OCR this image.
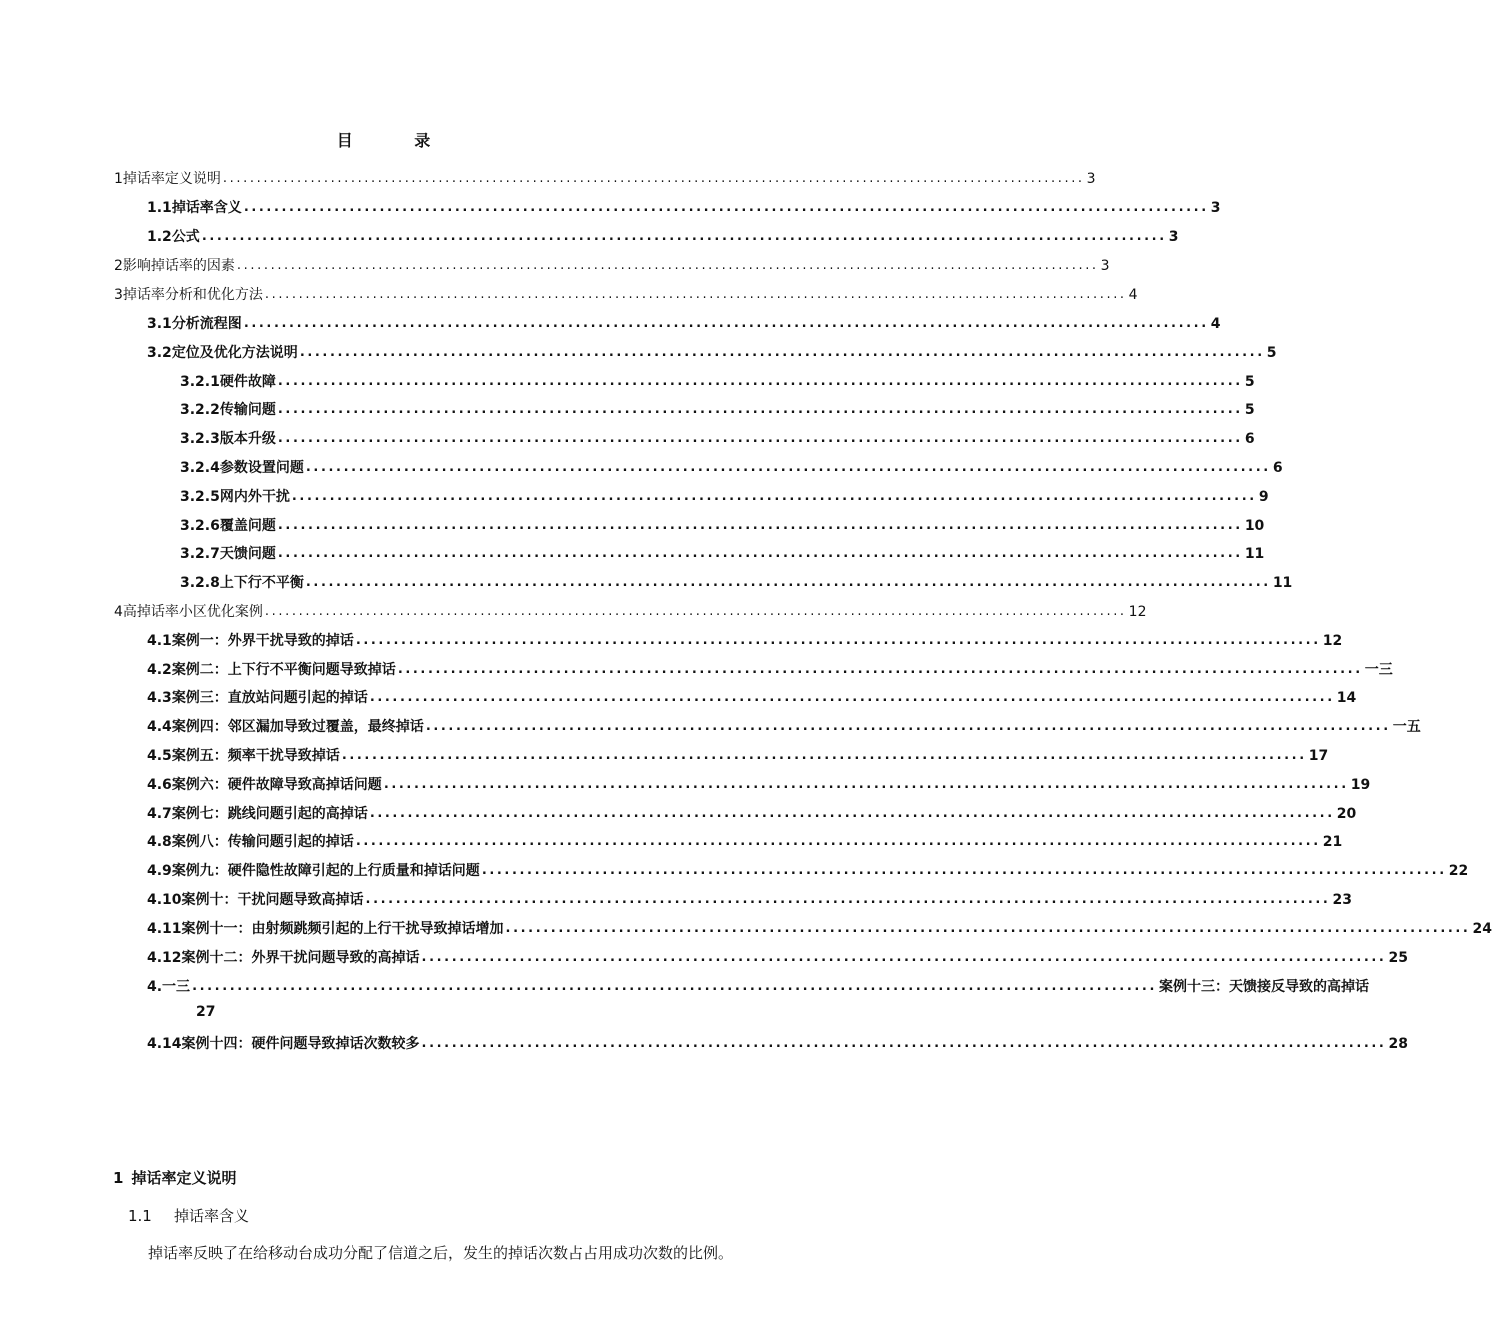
目 录
1 掉话率定义说明 ................................................................................................................................ 3
1.1 掉话率含义 ................................................................................................................................ 3
1.2 公式 ................................................................................................................................ 3
2 影响掉话率的因素 ................................................................................................................................ 3
3 掉话率分析和优化方法 ................................................................................................................................ 4
3.1 分析流程图 ................................................................................................................................ 4
3.2 定位及优化方法说明 ................................................................................................................................ 5
3.2.1 硬件故障 ................................................................................................................................ 5
3.2.2 传输问题 ................................................................................................................................ 5
3.2.3 版本升级 ................................................................................................................................ 6
3.2.4 参数设置问题 ................................................................................................................................ 6
3.2.5 网内外干扰 ................................................................................................................................ 9
3.2.6 覆盖问题 ................................................................................................................................ 10
3.2.7 天馈问题 ................................................................................................................................ 11
3.2.8 上下行不平衡 ................................................................................................................................ 11
4 高掉话率小区优化案例 ................................................................................................................................ 12
4.1 案例一：外界干扰导致的掉话 ................................................................................................................................ 12
4.2 案例二：上下行不平衡问题导致掉话 ................................................................................................................................ 一三
4.3 案例三：直放站问题引起的掉话 ................................................................................................................................ 14
4.4 案例四：邻区漏加导致过覆盖，最终掉话 ................................................................................................................................ 一五
4.5 案例五：频率干扰导致掉话 ................................................................................................................................ 17
4.6 案例六：硬件故障导致高掉话问题 ................................................................................................................................ 19
4.7 案例七：跳线问题引起的高掉话 ................................................................................................................................ 20
4.8 案例八：传输问题引起的掉话 ................................................................................................................................ 21
4.9 案例九：硬件隐性故障引起的上行质量和掉话问题 ................................................................................................................................ 22
4.10 案例十：干扰问题导致高掉话 ................................................................................................................................ 23
4.11 案例十一：由射频跳频引起的上行干扰导致掉话增加 ................................................................................................................................ 24
4.12 案例十二：外界干扰问题导致的高掉话 ................................................................................................................................ 25
4.一三 ................................................................................................................................ 案例十三：天馈接反导致的高掉话
27
4.14 案例十四：硬件问题导致掉话次数较多 ................................................................................................................................ 28
1 掉话率定义说明
1.1 掉话率含义
掉话率反映了在给移动台成功分配了信道之后，发生的掉话次数占占用成功次数的比例。
